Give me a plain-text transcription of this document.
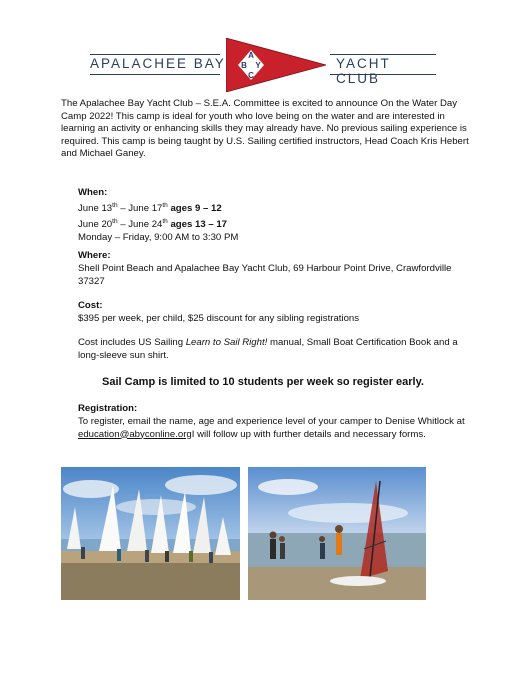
APALACHEE BAY
A
B Y
C
YACHT CLUB
The Apalachee Bay Yacht Club – S.E.A. Committee is excited to announce On the Water Day Camp 2022! This camp is ideal for youth who love being on the water and are interested in learning an activity or enhancing skills they may already have. No previous sailing experience is required. This camp is being taught by U.S. Sailing certified instructors, Head Coach Kris Hebert and Michael Ganey.
When:
June 13th – June 17th ages 9 – 12
June 20th – June 24th ages 13 – 17
Monday – Friday, 9:00 AM to 3:30 PM
Where:
Shell Point Beach and Apalachee Bay Yacht Club, 69 Harbour Point Drive, Crawfordville 37327
Cost:
$395 per week, per child, $25 discount for any sibling registrations
Cost includes US Sailing Learn to Sail Right! manual, Small Boat Certification Book and a long-sleeve sun shirt.
Sail Camp is limited to 10 students per week so register early.
Registration:
To register, email the name, age and experience level of your camper to Denise Whitlock at education@abyconline.orgI will follow up with further details and necessary forms.
